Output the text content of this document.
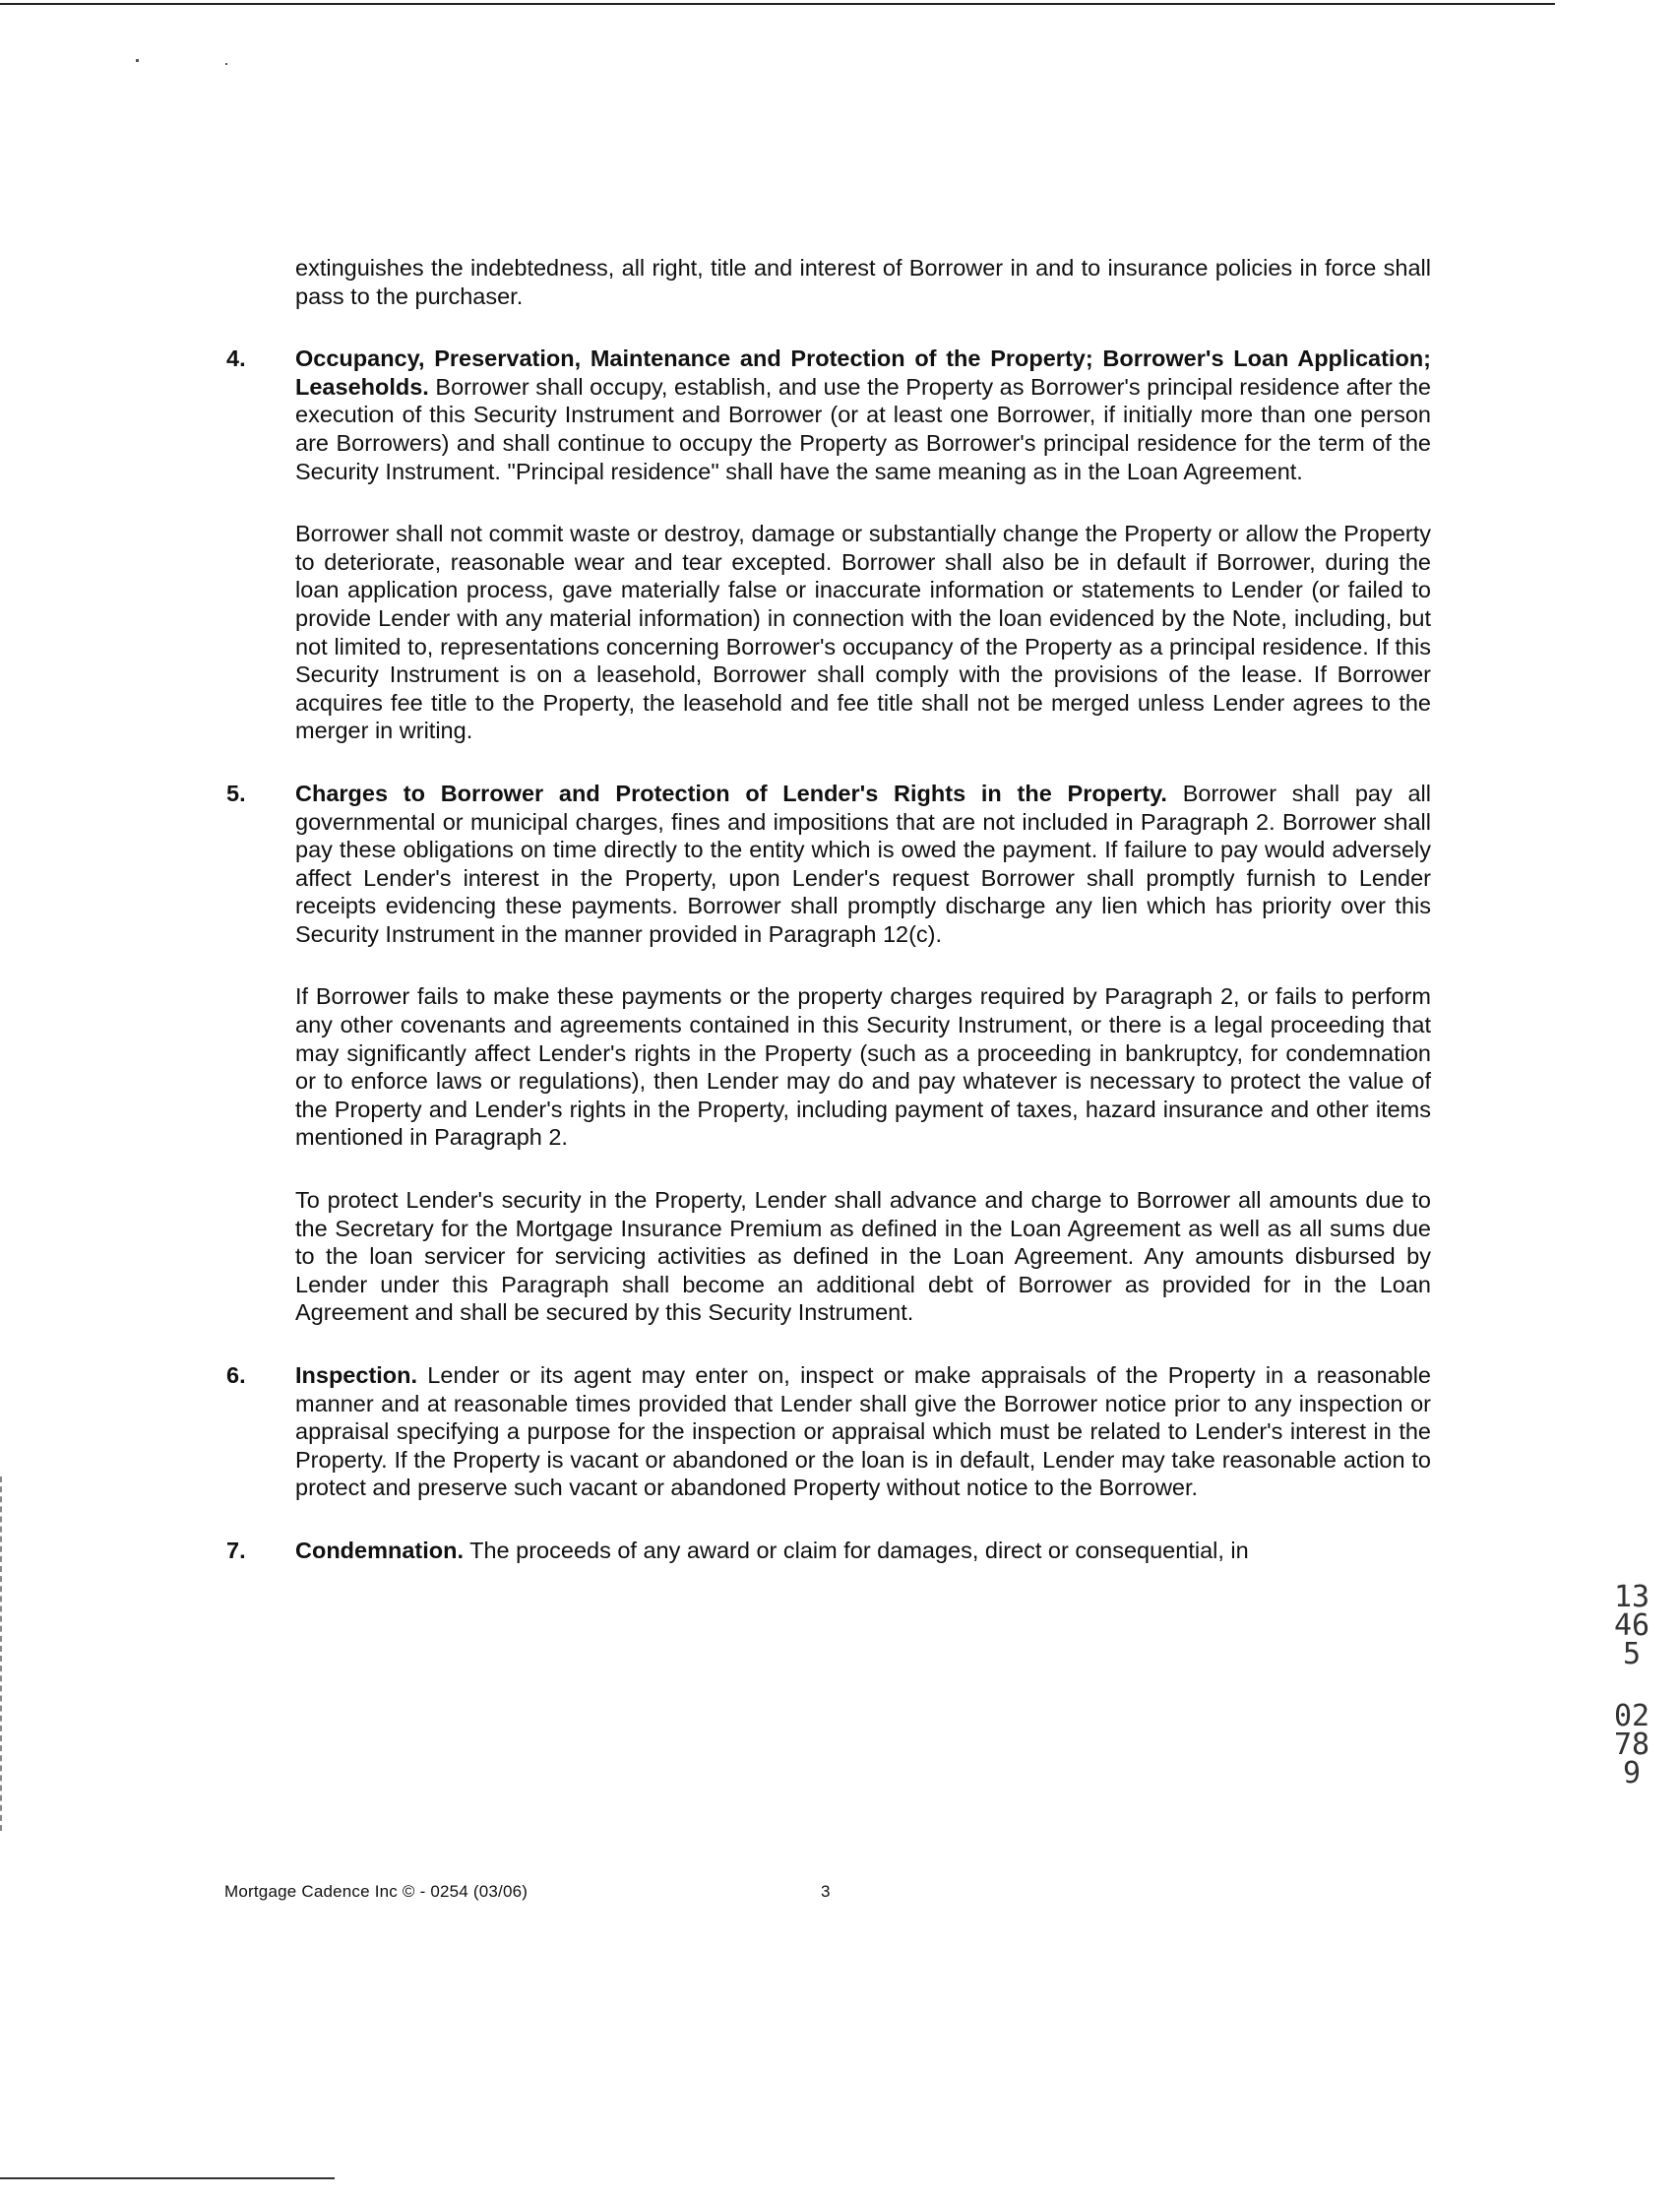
extinguishes the indebtedness, all right, title and interest of Borrower in and to insurance policies in force shall pass to the purchaser.

4. Occupancy, Preservation, Maintenance and Protection of the Property; Borrower's Loan Application; Leaseholds. Borrower shall occupy, establish, and use the Property as Borrower's principal residence after the execution of this Security Instrument and Borrower (or at least one Borrower, if initially more than one person are Borrowers) and shall continue to occupy the Property as Borrower's principal residence for the term of the Security Instrument. "Principal residence" shall have the same meaning as in the Loan Agreement.

Borrower shall not commit waste or destroy, damage or substantially change the Property or allow the Property to deteriorate, reasonable wear and tear excepted. Borrower shall also be in default if Borrower, during the loan application process, gave materially false or inaccurate information or statements to Lender (or failed to provide Lender with any material information) in connection with the loan evidenced by the Note, including, but not limited to, representations concerning Borrower's occupancy of the Property as a principal residence. If this Security Instrument is on a leasehold, Borrower shall comply with the provisions of the lease. If Borrower acquires fee title to the Property, the leasehold and fee title shall not be merged unless Lender agrees to the merger in writing.

5. Charges to Borrower and Protection of Lender's Rights in the Property. Borrower shall pay all governmental or municipal charges, fines and impositions that are not included in Paragraph 2. Borrower shall pay these obligations on time directly to the entity which is owed the payment. If failure to pay would adversely affect Lender's interest in the Property, upon Lender's request Borrower shall promptly furnish to Lender receipts evidencing these payments. Borrower shall promptly discharge any lien which has priority over this Security Instrument in the manner provided in Paragraph 12(c).

If Borrower fails to make these payments or the property charges required by Paragraph 2, or fails to perform any other covenants and agreements contained in this Security Instrument, or there is a legal proceeding that may significantly affect Lender's rights in the Property (such as a proceeding in bankruptcy, for condemnation or to enforce laws or regulations), then Lender may do and pay whatever is necessary to protect the value of the Property and Lender's rights in the Property, including payment of taxes, hazard insurance and other items mentioned in Paragraph 2.

To protect Lender's security in the Property, Lender shall advance and charge to Borrower all amounts due to the Secretary for the Mortgage Insurance Premium as defined in the Loan Agreement as well as all sums due to the loan servicer for servicing activities as defined in the Loan Agreement. Any amounts disbursed by Lender under this Paragraph shall become an additional debt of Borrower as provided for in the Loan Agreement and shall be secured by this Security Instrument.

6. Inspection. Lender or its agent may enter on, inspect or make appraisals of the Property in a reasonable manner and at reasonable times provided that Lender shall give the Borrower notice prior to any inspection or appraisal specifying a purpose for the inspection or appraisal which must be related to Lender's interest in the Property. If the Property is vacant or abandoned or the loan is in default, Lender may take reasonable action to protect and preserve such vacant or abandoned Property without notice to the Borrower.

7. Condemnation. The proceeds of any award or claim for damages, direct or consequential, in

Mortgage Cadence Inc © - 0254 (03/06)	3
13465
02789
